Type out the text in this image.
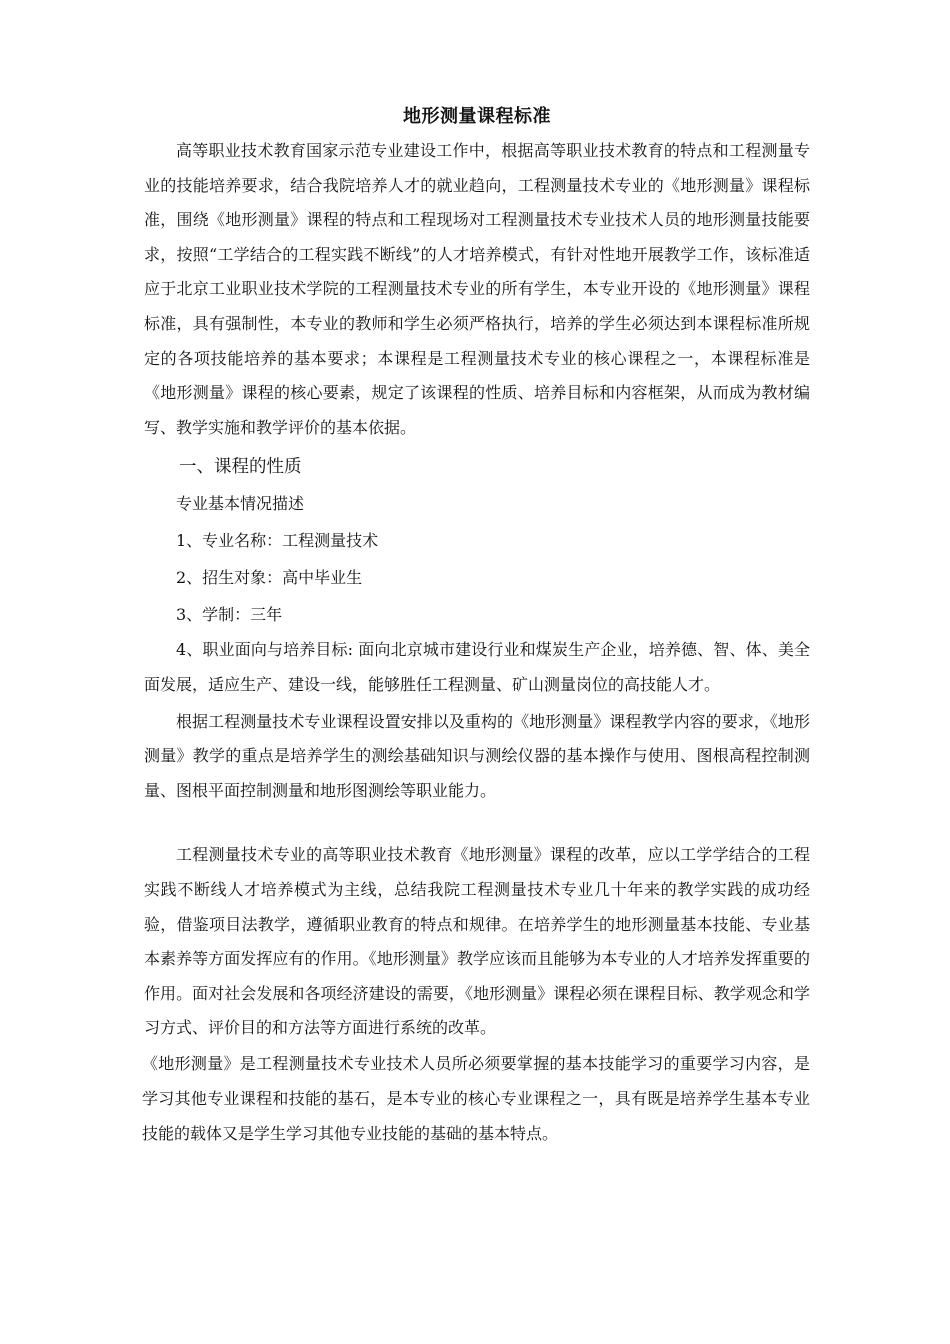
地形测量课程标准

高等职业技术教育国家示范专业建设工作中，根据高等职业技术教育的特点和工程测量专业的技能培养要求，结合我院培养人才的就业趋向，工程测量技术专业的《地形测量》课程标准，围绕《地形测量》课程的特点和工程现场对工程测量技术专业技术人员的地形测量技能要求，按照“工学结合的工程实践不断线”的人才培养模式，有针对性地开展教学工作，该标准适应于北京工业职业技术学院的工程测量技术专业的所有学生，本专业开设的《地形测量》课程标准，具有强制性，本专业的教师和学生必须严格执行，培养的学生必须达到本课程标准所规定的各项技能培养的基本要求；本课程是工程测量技术专业的核心课程之一，本课程标准是《地形测量》课程的核心要素，规定了该课程的性质、培养目标和内容框架，从而成为教材编写、教学实施和教学评价的基本依据。

一、课程的性质

专业基本情况描述

1、专业名称：工程测量技术

2、招生对象：高中毕业生

3、学制：三年

4、职业面向与培养目标: 面向北京城市建设行业和煤炭生产企业，培养德、智、体、美全面发展，适应生产、建设一线，能够胜任工程测量、矿山测量岗位的高技能人才。

根据工程测量技术专业课程设置安排以及重构的《地形测量》课程教学内容的要求，《地形测量》教学的重点是培养学生的测绘基础知识与测绘仪器的基本操作与使用、图根高程控制测量、图根平面控制测量和地形图测绘等职业能力。

工程测量技术专业的高等职业技术教育《地形测量》课程的改革，应以工学学结合的工程实践不断线人才培养模式为主线，总结我院工程测量技术专业几十年来的教学实践的成功经验，借鉴项目法教学，遵循职业教育的特点和规律。在培养学生的地形测量基本技能、专业基本素养等方面发挥应有的作用。《地形测量》教学应该而且能够为本专业的人才培养发挥重要的作用。面对社会发展和各项经济建设的需要，《地形测量》课程必须在课程目标、教学观念和学习方式、评价目的和方法等方面进行系统的改革。

《地形测量》是工程测量技术专业技术人员所必须要掌握的基本技能学习的重要学习内容，是学习其他专业课程和技能的基石，是本专业的核心专业课程之一，具有既是培养学生基本专业技能的载体又是学生学习其他专业技能的基础的基本特点。
